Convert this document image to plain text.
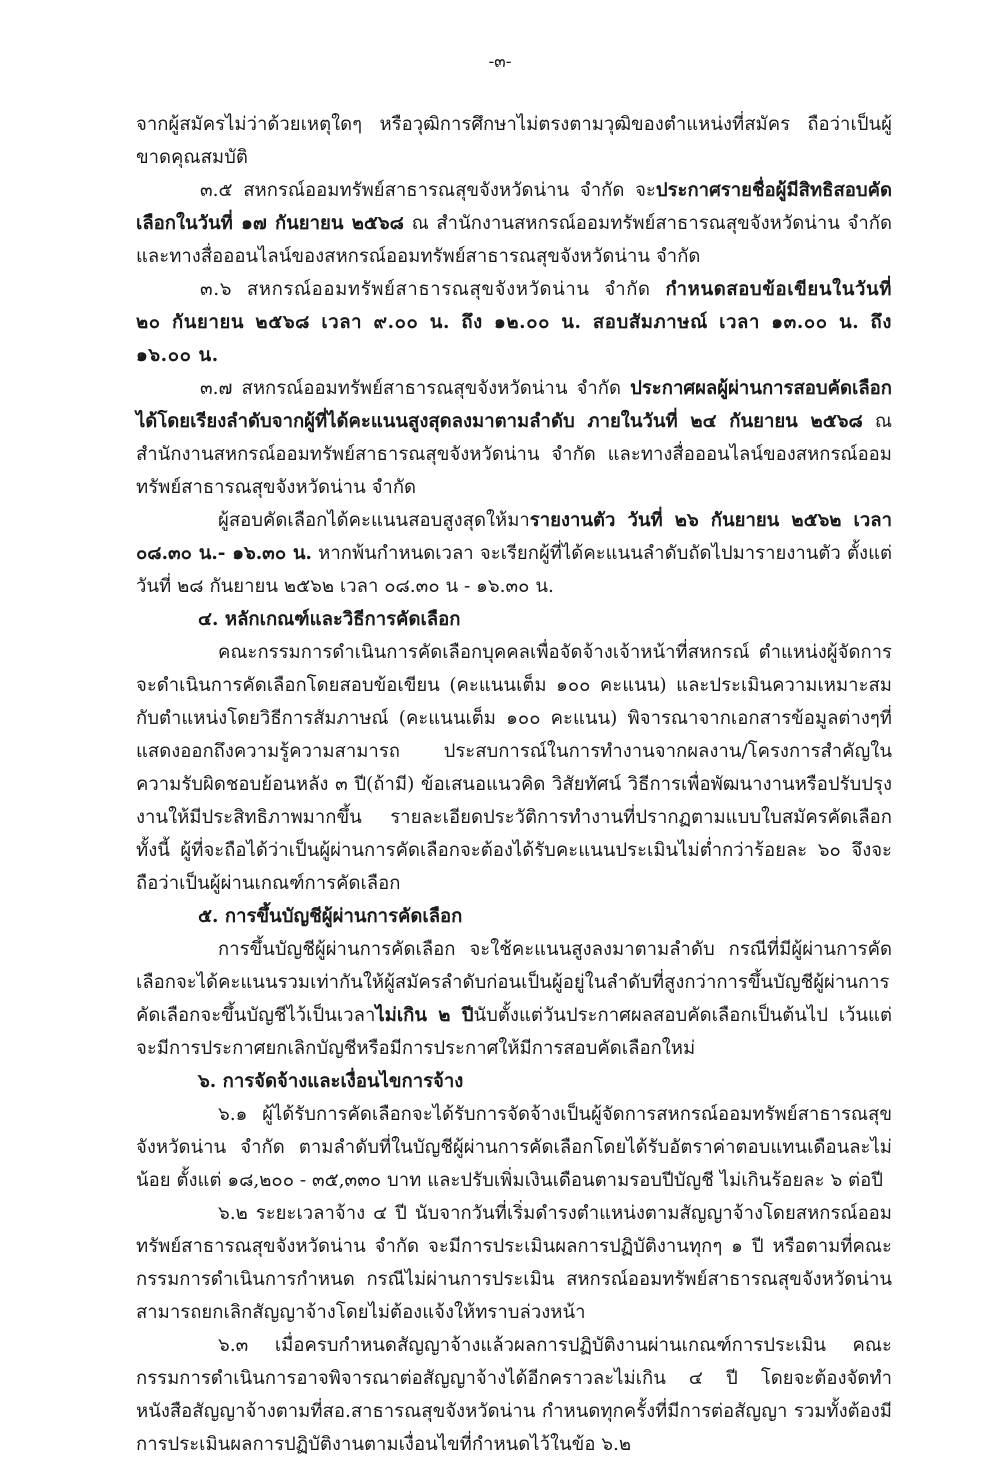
-๓-

จากผู้สมัครไม่ว่าด้วยเหตุใดๆ หรือวุฒิการศึกษาไม่ตรงตามวุฒิของตำแหน่งที่สมัคร ถือว่าเป็นผู้ขาดคุณสมบัติ

๓.๕ สหกรณ์ออมทรัพย์สาธารณสุขจังหวัดน่าน จำกัด จะประกาศรายชื่อผู้มีสิทธิสอบคัดเลือกในวันที่ ๑๗ กันยายน ๒๕๖๘ ณ สำนักงานสหกรณ์ออมทรัพย์สาธารณสุขจังหวัดน่าน จำกัด และทางสื่อออนไลน์ของสหกรณ์ออมทรัพย์สาธารณสุขจังหวัดน่าน จำกัด

๓.๖ สหกรณ์ออมทรัพย์สาธารณสุขจังหวัดน่าน จำกัด กำหนดสอบข้อเขียนในวันที่ ๒๐ กันยายน ๒๕๖๘ เวลา ๙.๐๐ น. ถึง ๑๒.๐๐ น. สอบสัมภาษณ์ เวลา ๑๓.๐๐ น. ถึง ๑๖.๐๐ น.

๓.๗ สหกรณ์ออมทรัพย์สาธารณสุขจังหวัดน่าน จำกัด ประกาศผลผู้ผ่านการสอบคัดเลือกได้โดยเรียงลำดับจากผู้ที่ได้คะแนนสูงสุดลงมาตามลำดับ ภายในวันที่ ๒๔ กันยายน ๒๕๖๘ ณ สำนักงานสหกรณ์ออมทรัพย์สาธารณสุขจังหวัดน่าน จำกัด และทางสื่อออนไลน์ของสหกรณ์ออมทรัพย์สาธารณสุขจังหวัดน่าน จำกัด

ผู้สอบคัดเลือกได้คะแนนสอบสูงสุดให้มารายงานตัว วันที่ ๒๖ กันยายน ๒๕๖๒ เวลา ๐๘.๓๐ น.- ๑๖.๓๐ น. หากพ้นกำหนดเวลา จะเรียกผู้ที่ได้คะแนนลำดับถัดไปมารายงานตัว ตั้งแต่วันที่ ๒๘ กันยายน ๒๕๖๒ เวลา ๐๘.๓๐ น - ๑๖.๓๐ น.

๔. หลักเกณฑ์และวิธีการคัดเลือก

คณะกรรมการดำเนินการคัดเลือกบุคคลเพื่อจัดจ้างเจ้าหน้าที่สหกรณ์ ตำแหน่งผู้จัดการจะดำเนินการคัดเลือกโดยสอบข้อเขียน (คะแนนเต็ม ๑๐๐ คะแนน) และประเมินความเหมาะสมกับตำแหน่งโดยวิธีการสัมภาษณ์ (คะแนนเต็ม ๑๐๐ คะแนน) พิจารณาจากเอกสารข้อมูลต่างๆที่แสดงออกถึงความรู้ความสามารถ ประสบการณ์ในการทำงานจากผลงาน/โครงการสำคัญในความรับผิดชอบย้อนหลัง ๓ ปี(ถ้ามี) ข้อเสนอแนวคิด วิสัยทัศน์ วิธีการเพื่อพัฒนางานหรือปรับปรุงงานให้มีประสิทธิภาพมากขึ้น รายละเอียดประวัติการทำงานที่ปรากฏตามแบบใบสมัครคัดเลือก ทั้งนี้ ผู้ที่จะถือได้ว่าเป็นผู้ผ่านการคัดเลือกจะต้องได้รับคะแนนประเมินไม่ต่ำกว่าร้อยละ ๖๐ จึงจะถือว่าเป็นผู้ผ่านเกณฑ์การคัดเลือก

๕. การขึ้นบัญชีผู้ผ่านการคัดเลือก

การขึ้นบัญชีผู้ผ่านการคัดเลือก จะใช้คะแนนสูงลงมาตามลำดับ กรณีที่มีผู้ผ่านการคัดเลือกจะได้คะแนนรวมเท่ากันให้ผู้สมัครลำดับก่อนเป็นผู้อยู่ในลำดับที่สูงกว่าการขึ้นบัญชีผู้ผ่านการคัดเลือกจะขึ้นบัญชีไว้เป็นเวลาไม่เกิน ๒ ปีนับตั้งแต่วันประกาศผลสอบคัดเลือกเป็นต้นไป เว้นแต่จะมีการประกาศยกเลิกบัญชีหรือมีการประกาศให้มีการสอบคัดเลือกใหม่

๖. การจัดจ้างและเงื่อนไขการจ้าง

๖.๑ ผู้ได้รับการคัดเลือกจะได้รับการจัดจ้างเป็นผู้จัดการสหกรณ์ออมทรัพย์สาธารณสุขจังหวัดน่าน จำกัด ตามลำดับที่ในบัญชีผู้ผ่านการคัดเลือกโดยได้รับอัตราค่าตอบแทนเดือนละไม่น้อย ตั้งแต่ ๑๘,๒๐๐ - ๓๕,๓๓๐ บาท และปรับเพิ่มเงินเดือนตามรอบปีบัญชี ไม่เกินร้อยละ ๖ ต่อปี

๖.๒ ระยะเวลาจ้าง ๔ ปี นับจากวันที่เริ่มดำรงตำแหน่งตามสัญญาจ้างโดยสหกรณ์ออมทรัพย์สาธารณสุขจังหวัดน่าน จำกัด จะมีการประเมินผลการปฏิบัติงานทุกๆ ๑ ปี หรือตามที่คณะกรรมการดำเนินการกำหนด กรณีไม่ผ่านการประเมิน สหกรณ์ออมทรัพย์สาธารณสุขจังหวัดน่าน สามารถยกเลิกสัญญาจ้างโดยไม่ต้องแจ้งให้ทราบล่วงหน้า

๖.๓ เมื่อครบกำหนดสัญญาจ้างแล้วผลการปฏิบัติงานผ่านเกณฑ์การประเมิน คณะกรรมการดำเนินการอาจพิจารณาต่อสัญญาจ้างได้อีกคราวละไม่เกิน ๔ ปี โดยจะต้องจัดทำหนังสือสัญญาจ้างตามที่สอ.สาธารณสุขจังหวัดน่าน กำหนดทุกครั้งที่มีการต่อสัญญา รวมทั้งต้องมีการประเมินผลการปฏิบัติงานตามเงื่อนไขที่กำหนดไว้ในข้อ ๖.๒
